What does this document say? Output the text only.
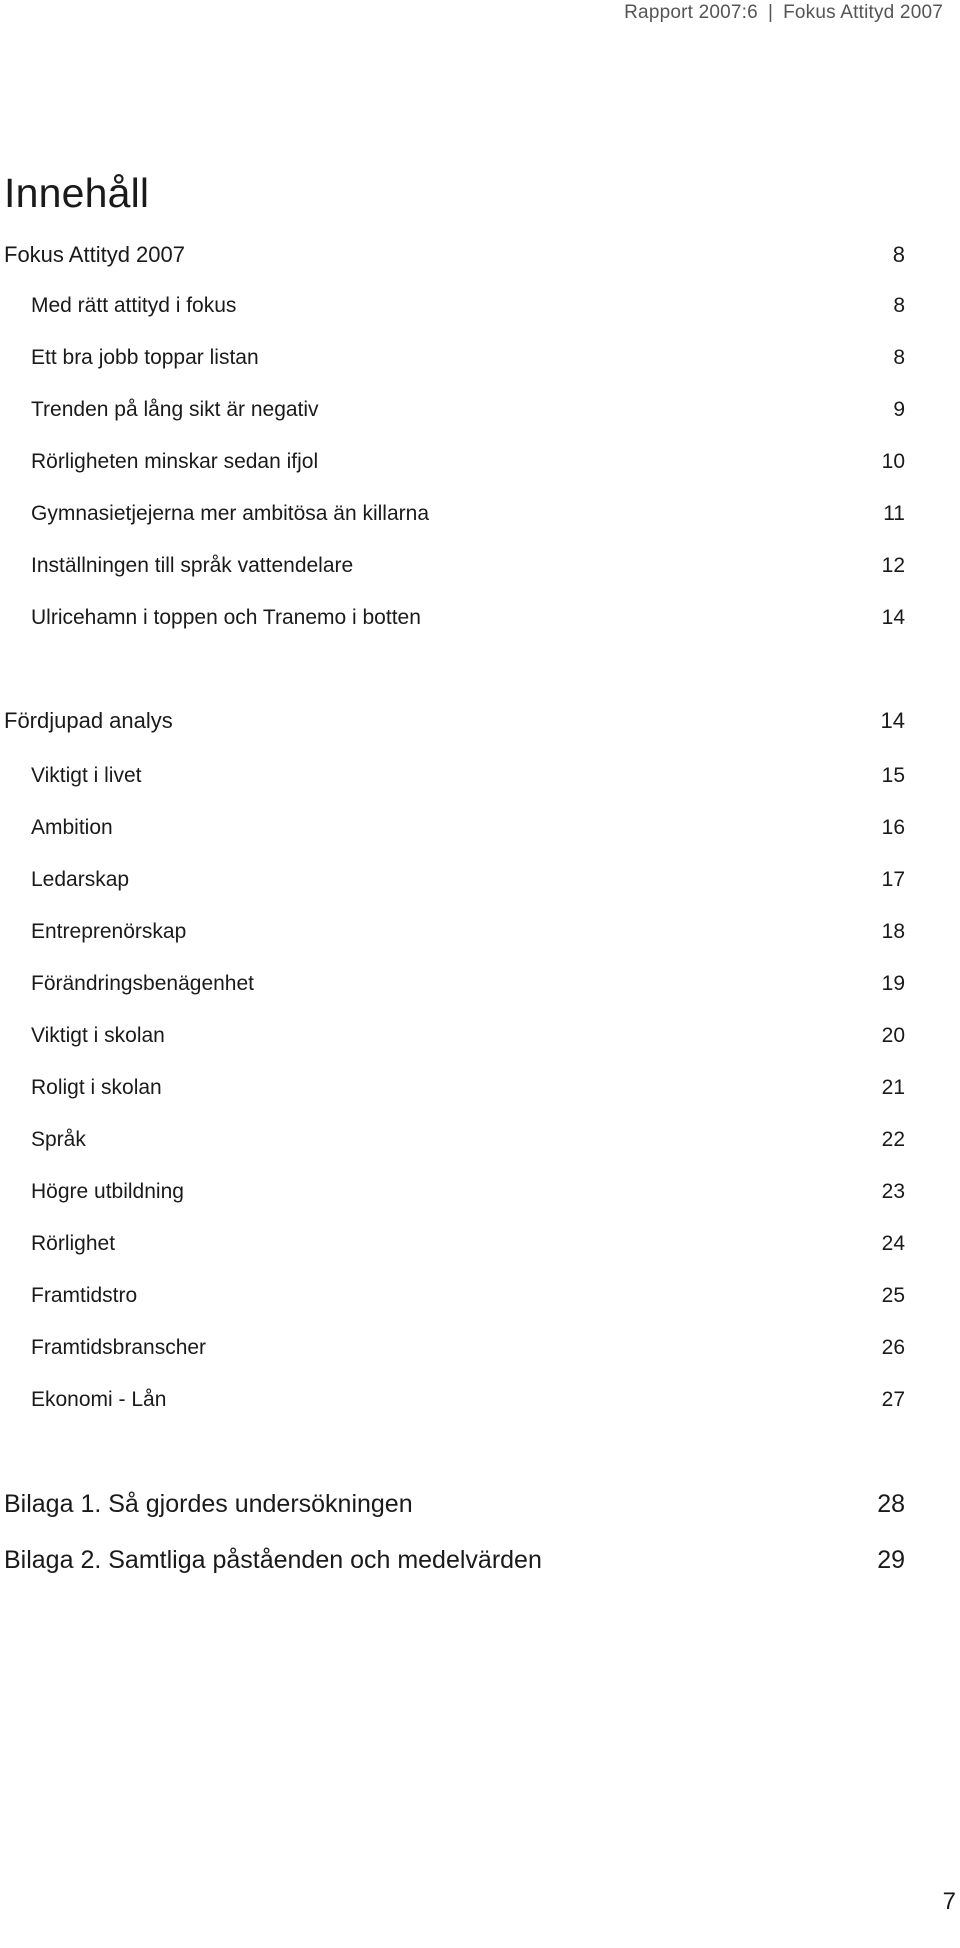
Rapport 2007:6 | Fokus Attityd 2007
Innehåll
Fokus Attityd 2007	8
Med rätt attityd i fokus	8
Ett bra jobb toppar listan	8
Trenden på lång sikt är negativ	9
Rörligheten minskar sedan ifjol	10
Gymnasietjejerna mer ambitösa än killarna	11
Inställningen till språk vattendelare	12
Ulricehamn i toppen och Tranemo i botten	14
Fördjupad analys	14
Viktigt i livet	15
Ambition	16
Ledarskap	17
Entreprenörskap	18
Förändringsbenägenhet	19
Viktigt i skolan	20
Roligt i skolan	21
Språk	22
Högre utbildning	23
Rörlighet	24
Framtidstro	25
Framtidsbranscher	26
Ekonomi - Lån	27
Bilaga 1. Så gjordes undersökningen	28
Bilaga 2. Samtliga påståenden och medelvärden	29
7
